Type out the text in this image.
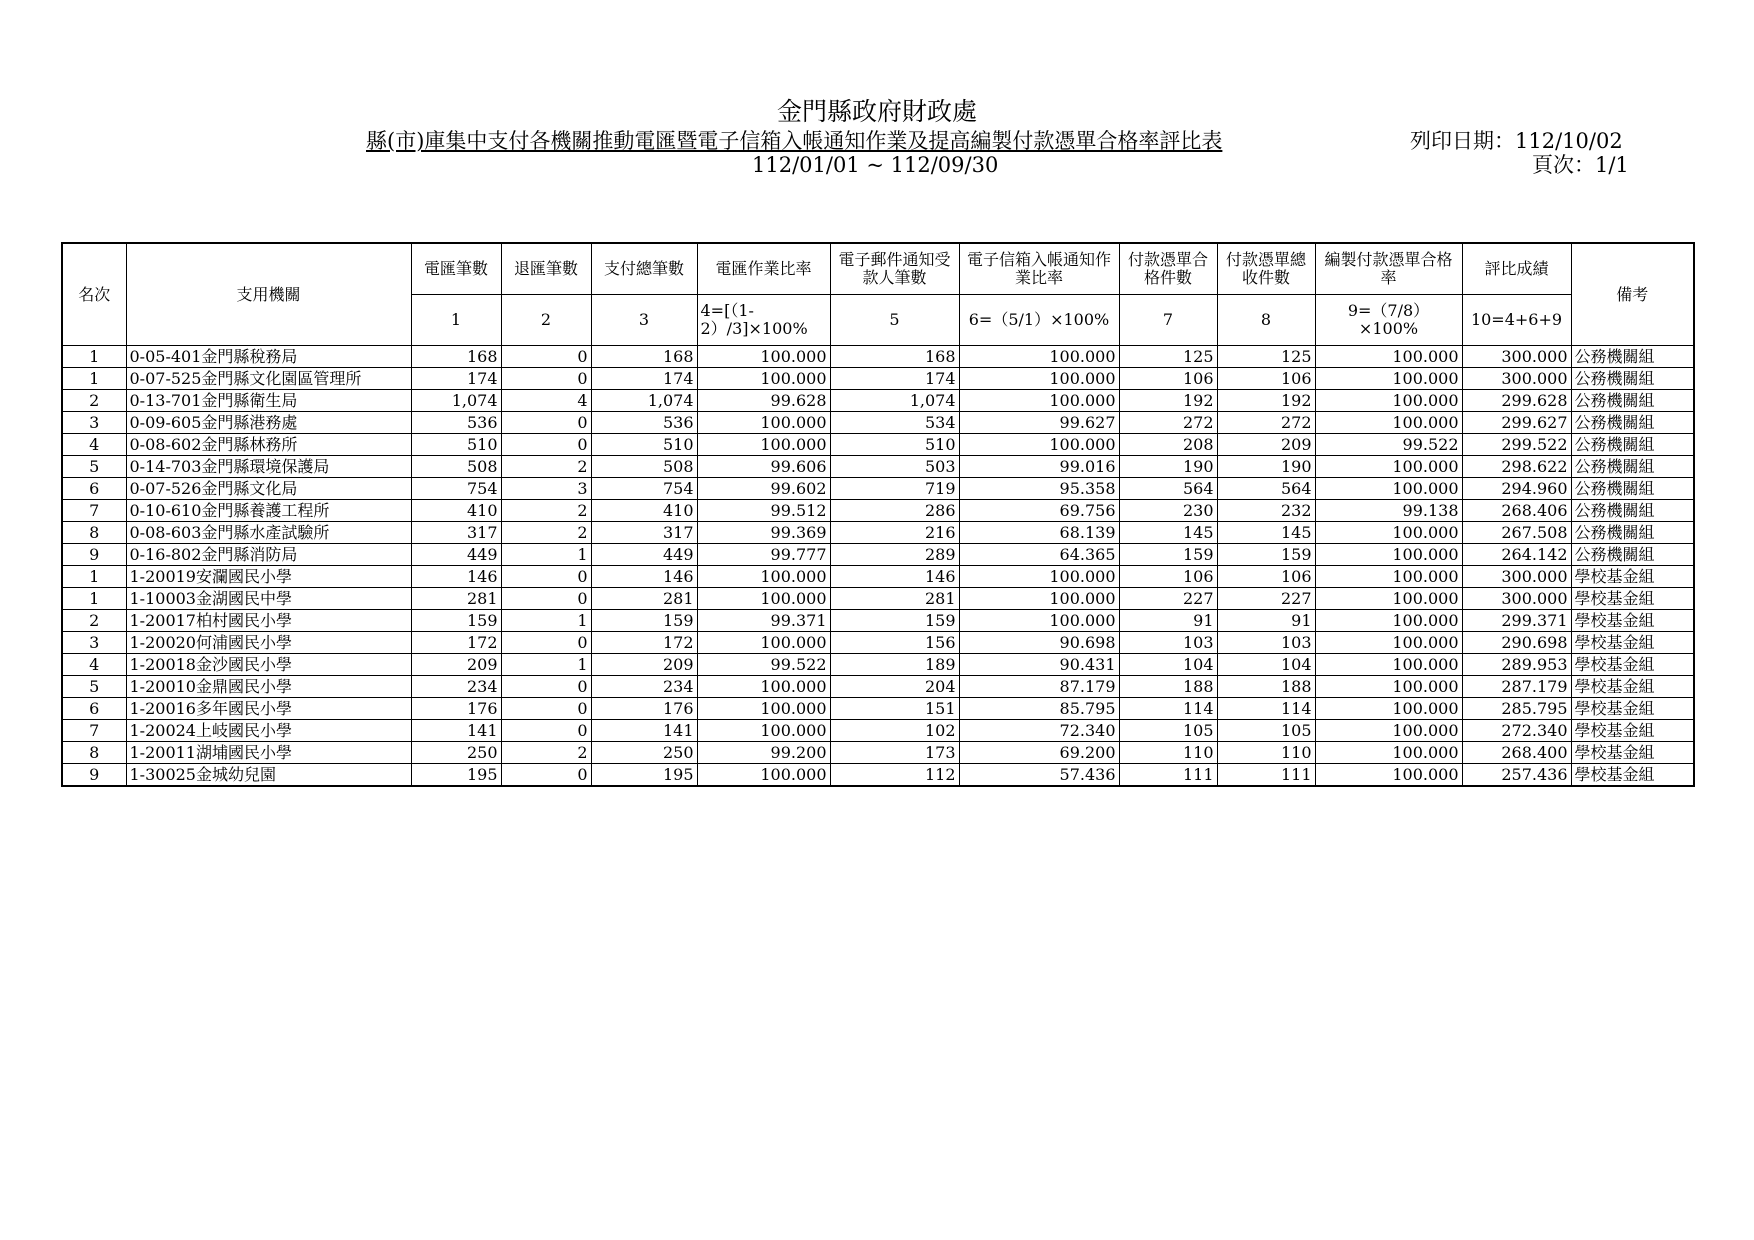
金門縣政府財政處
縣(市)庫集中支付各機關推動電匯暨電子信箱入帳通知作業及提高編製付款憑單合格率評比表	列印日期：112/10/02
112/01/01 ~ 112/09/30	頁次：1/1
名次	支用機關	電匯筆數	退匯筆數	支付總筆數	電匯作業比率	電子郵件通知受款人筆數	電子信箱入帳通知作業比率	付款憑單合格件數	付款憑單總收件數	編製付款憑單合格率	評比成績	備考
		1	2	3	4=[（1-2）/3]×100%	5	6=（5/1）×100%	7	8	9=（7/8）×100%	10=4+6+9	
1	0-05-401金門縣稅務局	168	0	168	100.000	168	100.000	125	125	100.000	300.000	公務機關組
1	0-07-525金門縣文化園區管理所	174	0	174	100.000	174	100.000	106	106	100.000	300.000	公務機關組
2	0-13-701金門縣衛生局	1,074	4	1,074	99.628	1,074	100.000	192	192	100.000	299.628	公務機關組
3	0-09-605金門縣港務處	536	0	536	100.000	534	99.627	272	272	100.000	299.627	公務機關組
4	0-08-602金門縣林務所	510	0	510	100.000	510	100.000	208	209	99.522	299.522	公務機關組
5	0-14-703金門縣環境保護局	508	2	508	99.606	503	99.016	190	190	100.000	298.622	公務機關組
6	0-07-526金門縣文化局	754	3	754	99.602	719	95.358	564	564	100.000	294.960	公務機關組
7	0-10-610金門縣養護工程所	410	2	410	99.512	286	69.756	230	232	99.138	268.406	公務機關組
8	0-08-603金門縣水產試驗所	317	2	317	99.369	216	68.139	145	145	100.000	267.508	公務機關組
9	0-16-802金門縣消防局	449	1	449	99.777	289	64.365	159	159	100.000	264.142	公務機關組
1	1-20019安瀾國民小學	146	0	146	100.000	146	100.000	106	106	100.000	300.000	學校基金組
1	1-10003金湖國民中學	281	0	281	100.000	281	100.000	227	227	100.000	300.000	學校基金組
2	1-20017柏村國民小學	159	1	159	99.371	159	100.000	91	91	100.000	299.371	學校基金組
3	1-20020何浦國民小學	172	0	172	100.000	156	90.698	103	103	100.000	290.698	學校基金組
4	1-20018金沙國民小學	209	1	209	99.522	189	90.431	104	104	100.000	289.953	學校基金組
5	1-20010金鼎國民小學	234	0	234	100.000	204	87.179	188	188	100.000	287.179	學校基金組
6	1-20016多年國民小學	176	0	176	100.000	151	85.795	114	114	100.000	285.795	學校基金組
7	1-20024上岐國民小學	141	0	141	100.000	102	72.340	105	105	100.000	272.340	學校基金組
8	1-20011湖埔國民小學	250	2	250	99.200	173	69.200	110	110	100.000	268.400	學校基金組
9	1-30025金城幼兒園	195	0	195	100.000	112	57.436	111	111	100.000	257.436	學校基金組
